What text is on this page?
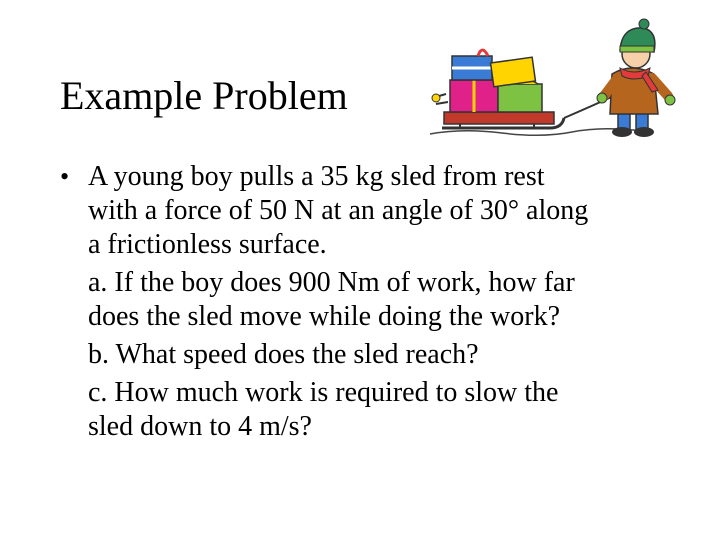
Example Problem
• A young boy pulls a 35 kg sled from rest
with a force of 50 N at an angle of 30° along
a frictionless surface.
a. If the boy does 900 Nm of work, how far
does the sled move while doing the work?
b. What speed does the sled reach?
c. How much work is required to slow the
sled down to 4 m/s?
